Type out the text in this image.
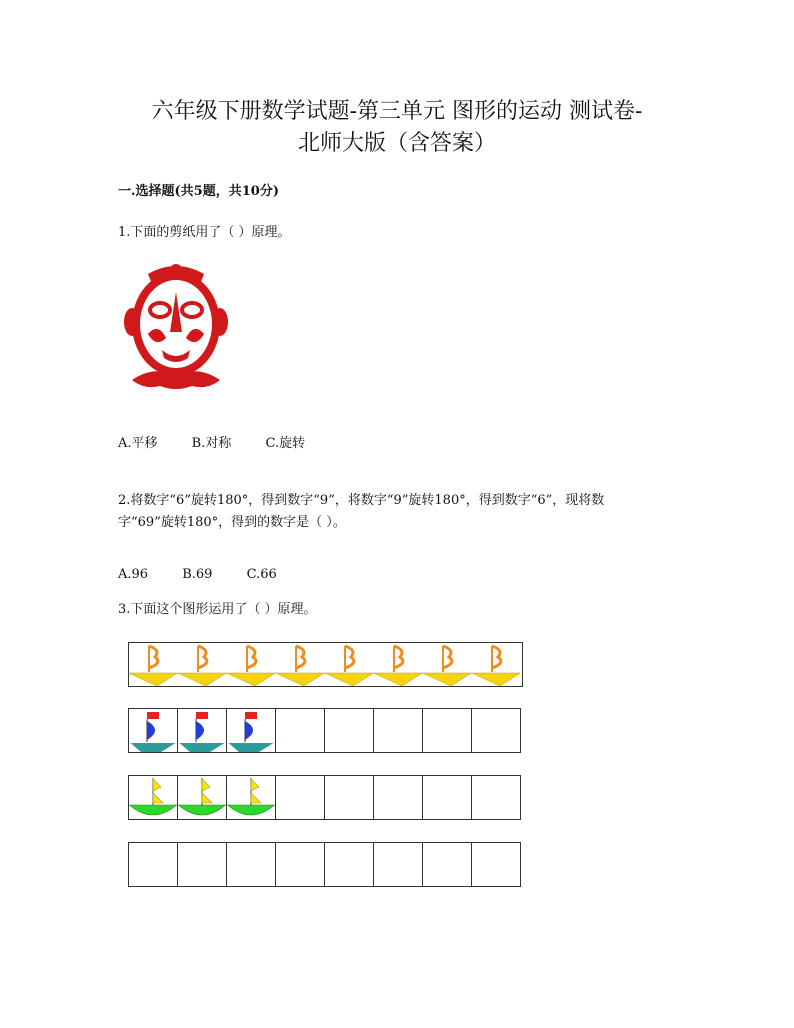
六年级下册数学试题-第三单元 图形的运动 测试卷-
北师大版（含答案）
一.选择题(共5题，共10分)
1.下面的剪纸用了（ ）原理。
A.平移	B.对称	C.旋转
2.将数字“6”旋转180°，得到数字“9”，将数字“9”旋转180°，得到数字“6”，现将数
字“69”旋转180°，得到的数字是（ ）。
A.96	B.69	C.66
3.下面这个图形运用了（ ）原理。
